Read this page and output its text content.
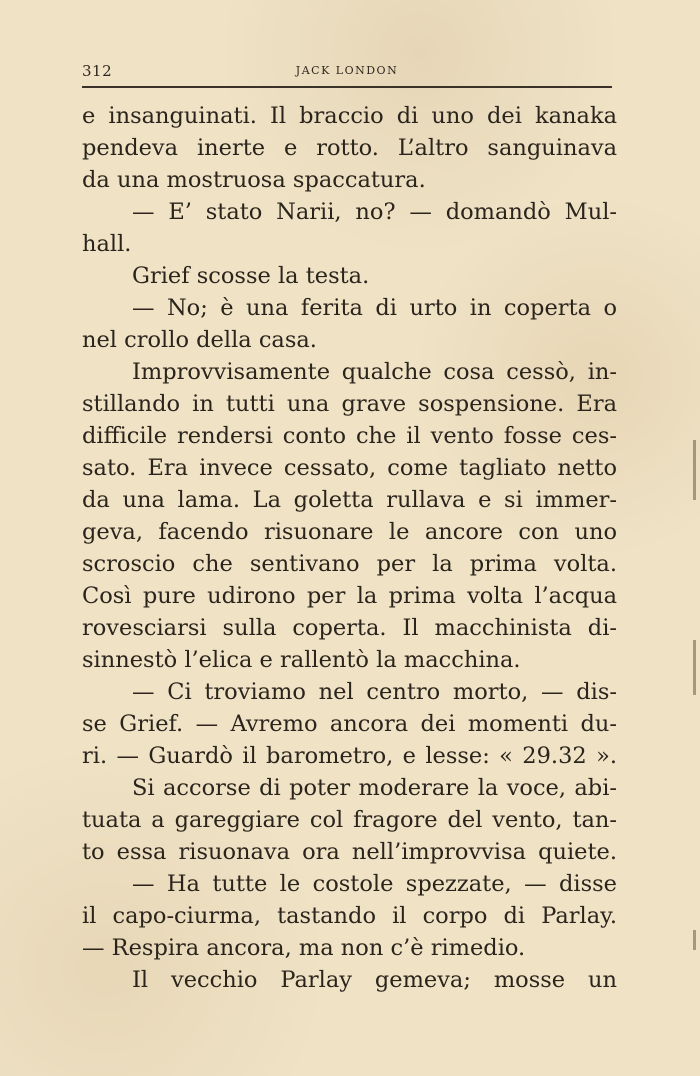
312	JACK LONDON
e insanguinati. Il braccio di uno dei kanaka
pendeva inerte e rotto. L’altro sanguinava
da una mostruosa spaccatura.
— E’ stato Narii, no? — domandò Mul-
hall.
Grief scosse la testa.
— No; è una ferita di urto in coperta o
nel crollo della casa.
Improvvisamente qualche cosa cessò, in-
stillando in tutti una grave sospensione. Era
difficile rendersi conto che il vento fosse ces-
sato. Era invece cessato, come tagliato netto
da una lama. La goletta rullava e si immer-
geva, facendo risuonare le ancore con uno
scroscio che sentivano per la prima volta.
Così pure udirono per la prima volta l’acqua
rovesciarsi sulla coperta. Il macchinista di-
sinnestò l’elica e rallentò la macchina.
— Ci troviamo nel centro morto, — dis-
se Grief. — Avremo ancora dei momenti du-
ri. — Guardò il barometro, e lesse: « 29.32 ».
Si accorse di poter moderare la voce, abi-
tuata a gareggiare col fragore del vento, tan-
to essa risuonava ora nell’improvvisa quiete.
— Ha tutte le costole spezzate, — disse
il capo-ciurma, tastando il corpo di Parlay.
— Respira ancora, ma non c’è rimedio.
Il vecchio Parlay gemeva; mosse un
